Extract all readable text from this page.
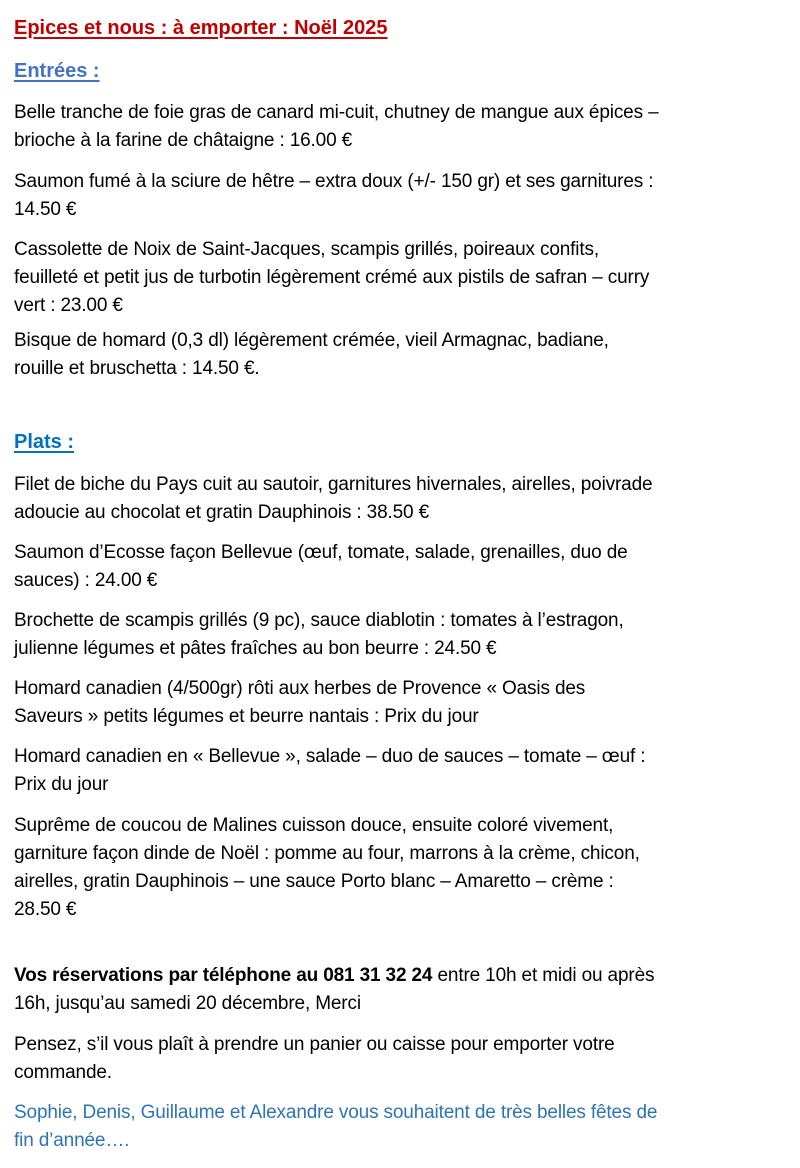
Epices et nous : à emporter : Noël 2025
Entrées :

Belle tranche de foie gras de canard mi-cuit, chutney de mangue aux épices –
brioche à la farine de châtaigne : 16.00 €

Saumon fumé à la sciure de hêtre – extra doux (+/- 150 gr) et ses garnitures :
14.50 €

Cassolette de Noix de Saint-Jacques, scampis grillés, poireaux confits,
feuilleté et petit jus de turbotin légèrement crémé aux pistils de safran – curry
vert : 23.00 €

Bisque de homard (0,3 dl) légèrement crémée, vieil Armagnac, badiane,
rouille et bruschetta : 14.50 €.

Plats :

Filet de biche du Pays cuit au sautoir, garnitures hivernales, airelles, poivrade
adoucie au chocolat et gratin Dauphinois : 38.50 €

Saumon d’Ecosse façon Bellevue (œuf, tomate, salade, grenailles, duo de
sauces) : 24.00 €

Brochette de scampis grillés (9 pc), sauce diablotin : tomates à l’estragon,
julienne légumes et pâtes fraîches au bon beurre : 24.50 €

Homard canadien (4/500gr) rôti aux herbes de Provence « Oasis des
Saveurs » petits légumes et beurre nantais : Prix du jour

Homard canadien en « Bellevue », salade – duo de sauces – tomate – œuf :
Prix du jour

Suprême de coucou de Malines cuisson douce, ensuite coloré vivement,
garniture façon dinde de Noël : pomme au four, marrons à la crème, chicon,
airelles, gratin Dauphinois – une sauce Porto blanc – Amaretto – crème :
28.50 €

Vos réservations par téléphone au 081 31 32 24 entre 10h et midi ou après
16h, jusqu’au samedi 20 décembre, Merci

Pensez, s’il vous plaît à prendre un panier ou caisse pour emporter votre
commande.

Sophie, Denis, Guillaume et Alexandre vous souhaitent de très belles fêtes de
fin d’année….
